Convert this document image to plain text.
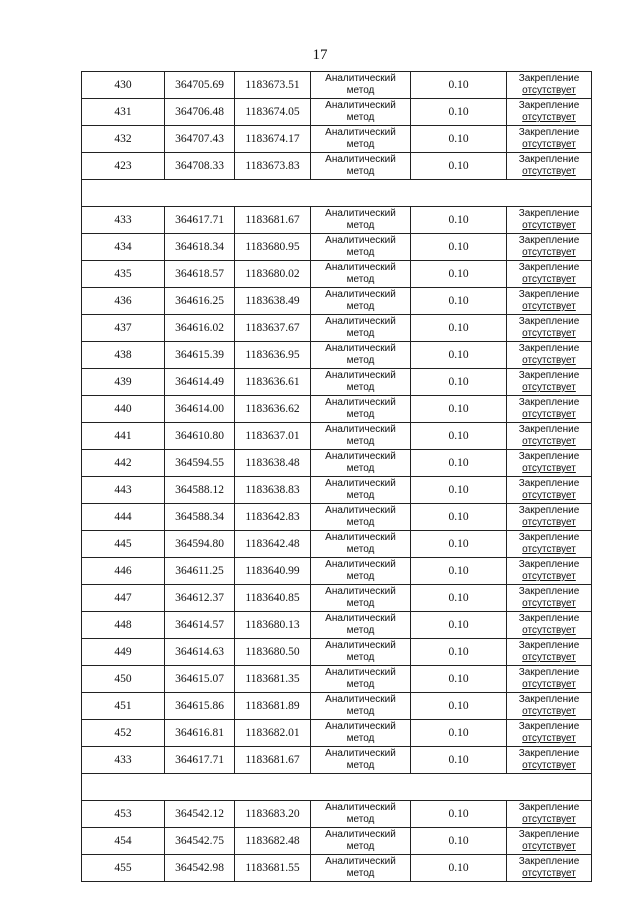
17
430	364705.69	1183673.51	Аналитический
метод	0.10	Закрепление
отсутствует

431	364706.48	1183674.05	Аналитический
метод	0.10	Закрепление
отсутствует

432	364707.43	1183674.17	Аналитический
метод	0.10	Закрепление
отсутствует

423	364708.33	1183673.83	Аналитический
метод	0.10	Закрепление
отсутствует

433	364617.71	1183681.67	Аналитический
метод	0.10	Закрепление
отсутствует

434	364618.34	1183680.95	Аналитический
метод	0.10	Закрепление
отсутствует

435	364618.57	1183680.02	Аналитический
метод	0.10	Закрепление
отсутствует

436	364616.25	1183638.49	Аналитический
метод	0.10	Закрепление
отсутствует

437	364616.02	1183637.67	Аналитический
метод	0.10	Закрепление
отсутствует

438	364615.39	1183636.95	Аналитический
метод	0.10	Закрепление
отсутствует

439	364614.49	1183636.61	Аналитический
метод	0.10	Закрепление
отсутствует

440	364614.00	1183636.62	Аналитический
метод	0.10	Закрепление
отсутствует

441	364610.80	1183637.01	Аналитический
метод	0.10	Закрепление
отсутствует

442	364594.55	1183638.48	Аналитический
метод	0.10	Закрепление
отсутствует

443	364588.12	1183638.83	Аналитический
метод	0.10	Закрепление
отсутствует

444	364588.34	1183642.83	Аналитический
метод	0.10	Закрепление
отсутствует

445	364594.80	1183642.48	Аналитический
метод	0.10	Закрепление
отсутствует

446	364611.25	1183640.99	Аналитический
метод	0.10	Закрепление
отсутствует

447	364612.37	1183640.85	Аналитический
метод	0.10	Закрепление
отсутствует

448	364614.57	1183680.13	Аналитический
метод	0.10	Закрепление
отсутствует

449	364614.63	1183680.50	Аналитический
метод	0.10	Закрепление
отсутствует

450	364615.07	1183681.35	Аналитический
метод	0.10	Закрепление
отсутствует

451	364615.86	1183681.89	Аналитический
метод	0.10	Закрепление
отсутствует

452	364616.81	1183682.01	Аналитический
метод	0.10	Закрепление
отсутствует

433	364617.71	1183681.67	Аналитический
метод	0.10	Закрепление
отсутствует

453	364542.12	1183683.20	Аналитический
метод	0.10	Закрепление
отсутствует

454	364542.75	1183682.48	Аналитический
метод	0.10	Закрепление
отсутствует

455	364542.98	1183681.55	Аналитический
метод	0.10	Закрепление
отсутствует
